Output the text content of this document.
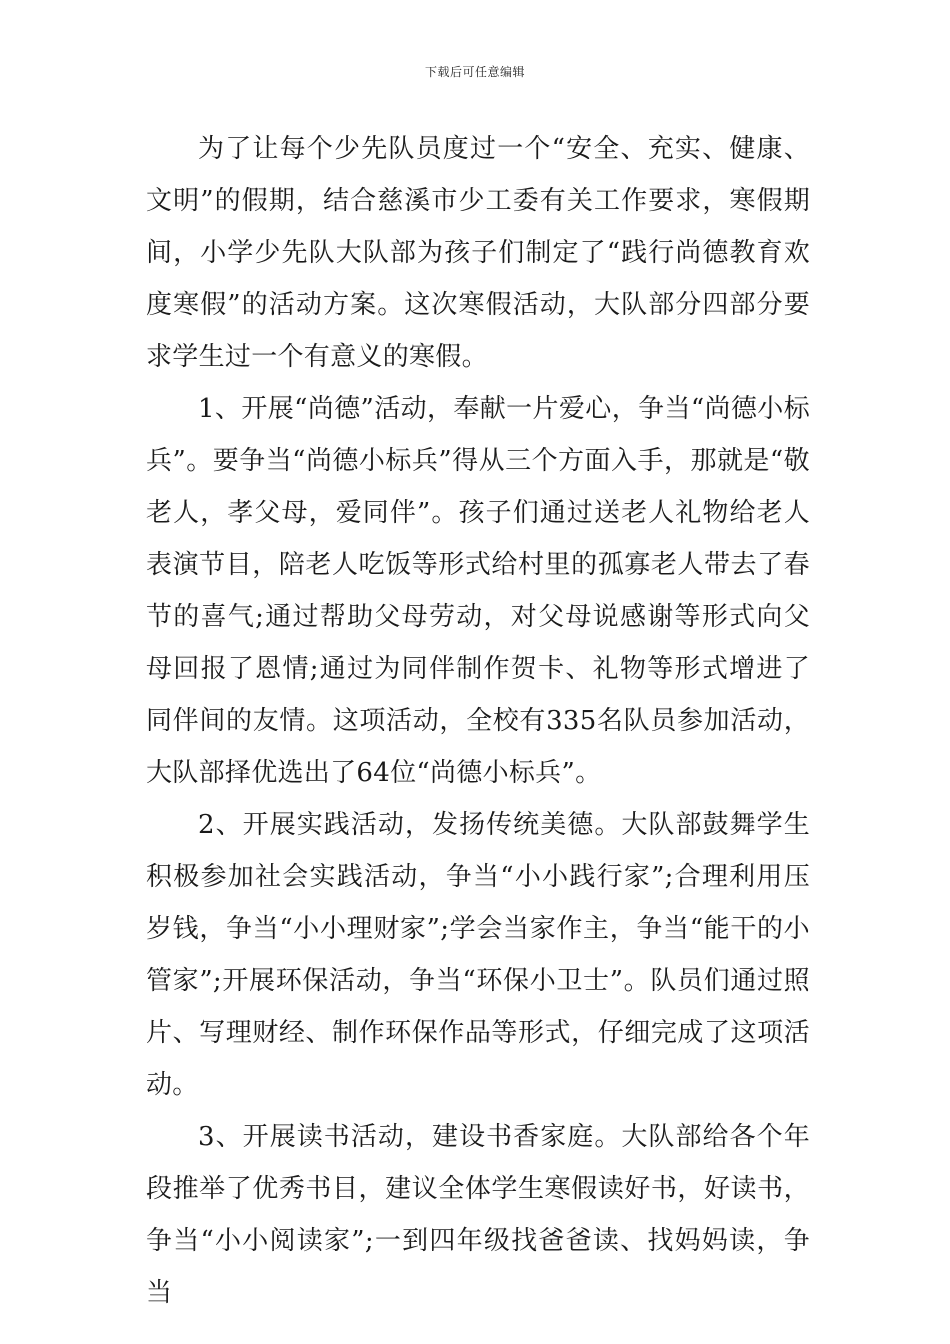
下载后可任意编辑

为了让每个少先队员度过一个“安全、充实、健康、文明”的假期，结合慈溪市少工委有关工作要求，寒假期间，小学少先队大队部为孩子们制定了“践行尚德教育欢度寒假”的活动方案。这次寒假活动，大队部分四部分要求学生过一个有意义的寒假。

1、开展“尚德”活动，奉献一片爱心，争当“尚德小标兵”。要争当“尚德小标兵”得从三个方面入手，那就是“敬老人，孝父母，爱同伴”。孩子们通过送老人礼物给老人表演节目，陪老人吃饭等形式给村里的孤寡老人带去了春节的喜气;通过帮助父母劳动，对父母说感谢等形式向父母回报了恩情;通过为同伴制作贺卡、礼物等形式增进了同伴间的友情。这项活动，全校有335名队员参加活动，大队部择优选出了64位“尚德小标兵”。

2、开展实践活动，发扬传统美德。大队部鼓舞学生积极参加社会实践活动，争当“小小践行家”;合理利用压岁钱，争当“小小理财家”;学会当家作主，争当“能干的小管家”;开展环保活动，争当“环保小卫士”。队员们通过照片、写理财经、制作环保作品等形式，仔细完成了这项活动。

3、开展读书活动，建设书香家庭。大队部给各个年段推举了优秀书目，建议全体学生寒假读好书，好读书，争当“小小阅读家”;一到四年级找爸爸读、找妈妈读，争当
